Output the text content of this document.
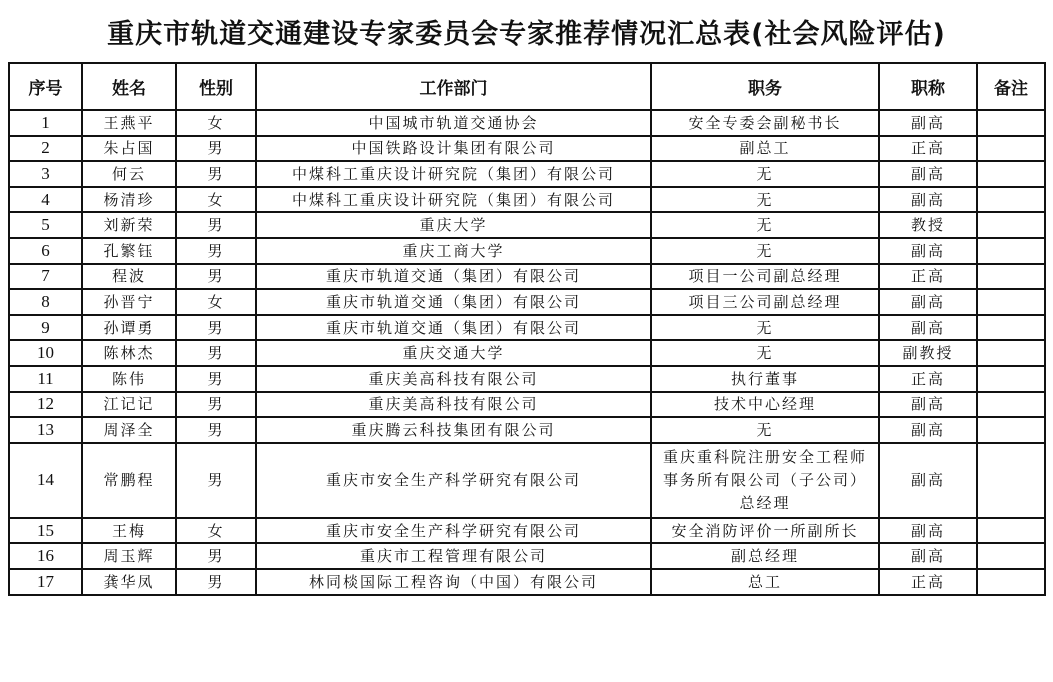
重庆市轨道交通建设专家委员会专家推荐情况汇总表(社会风险评估)
序号	姓名	性别	工作部门	职务	职称	备注
1	王燕平	女	中国城市轨道交通协会	安全专委会副秘书长	副高	
2	朱占国	男	中国铁路设计集团有限公司	副总工	正高	
3	何云	男	中煤科工重庆设计研究院（集团）有限公司	无	副高	
4	杨清珍	女	中煤科工重庆设计研究院（集团）有限公司	无	副高	
5	刘新荣	男	重庆大学	无	教授	
6	孔繁钰	男	重庆工商大学	无	副高	
7	程波	男	重庆市轨道交通（集团）有限公司	项目一公司副总经理	正高	
8	孙晋宁	女	重庆市轨道交通（集团）有限公司	项目三公司副总经理	副高	
9	孙谭勇	男	重庆市轨道交通（集团）有限公司	无	副高	
10	陈林杰	男	重庆交通大学	无	副教授	
11	陈伟	男	重庆美高科技有限公司	执行董事	正高	
12	江记记	男	重庆美高科技有限公司	技术中心经理	副高	
13	周泽全	男	重庆腾云科技集团有限公司	无	副高	
14	常鹏程	男	重庆市安全生产科学研究有限公司	重庆重科院注册安全工程师事务所有限公司（子公司）总经理	副高	
15	王梅	女	重庆市安全生产科学研究有限公司	安全消防评价一所副所长	副高	
16	周玉辉	男	重庆市工程管理有限公司	副总经理	副高	
17	龚华凤	男	林同棪国际工程咨询（中国）有限公司	总工	正高	
